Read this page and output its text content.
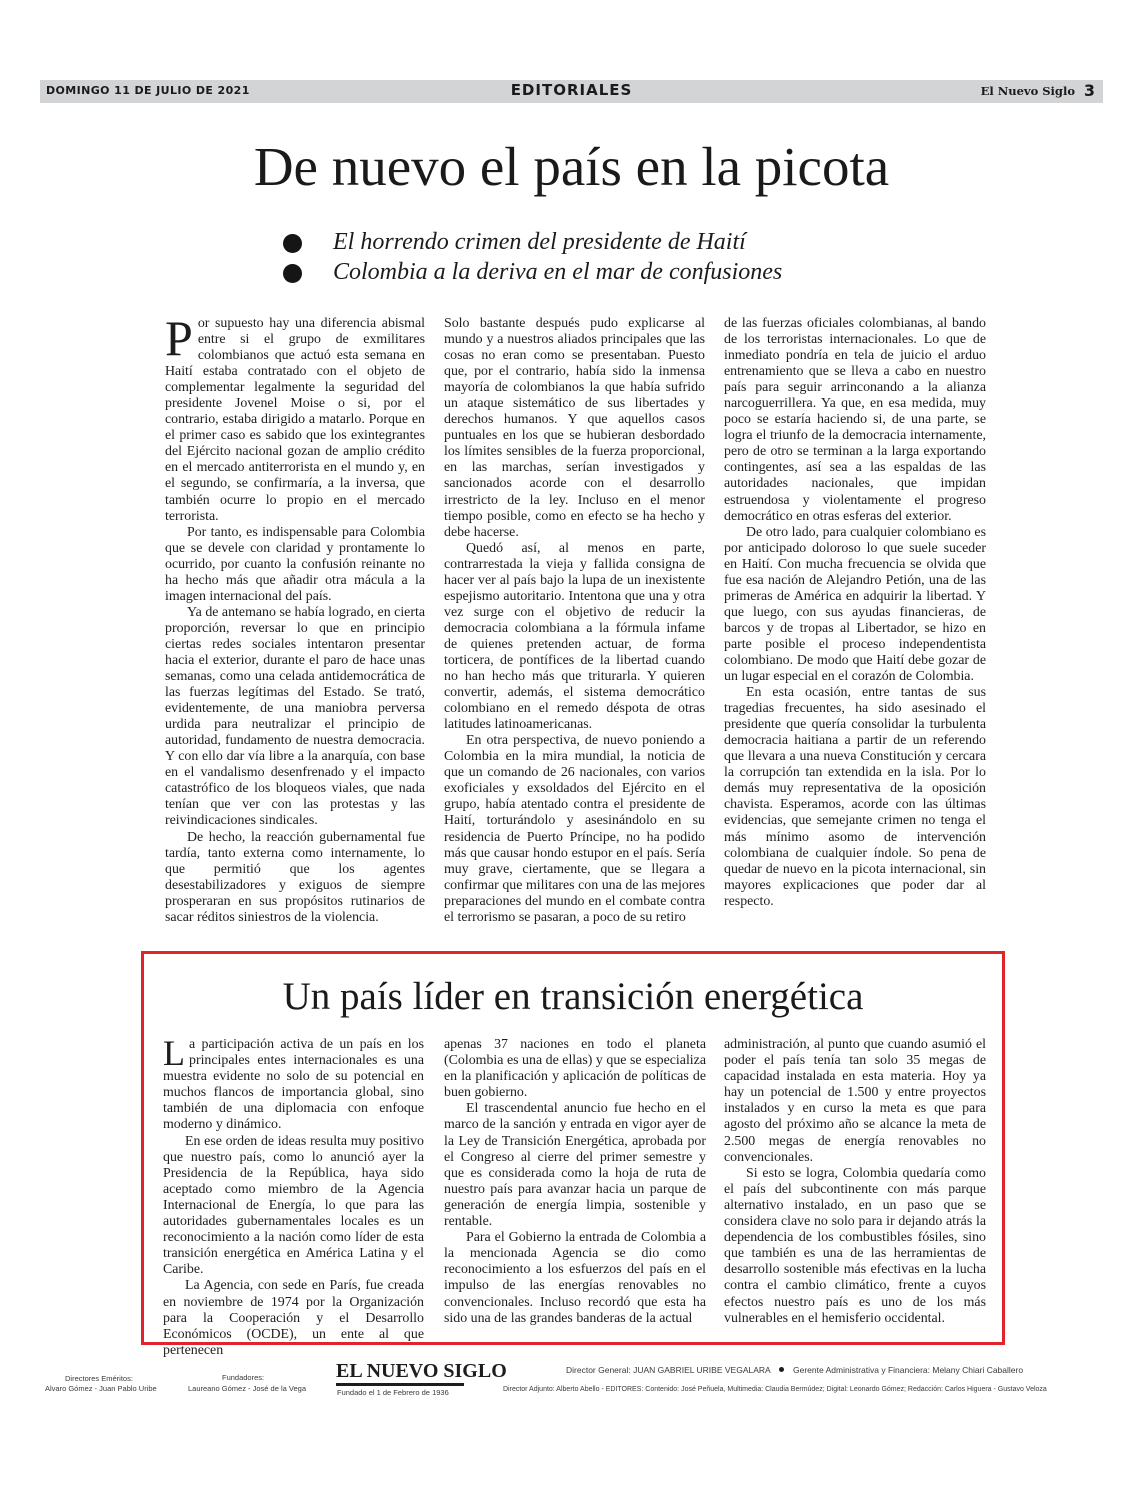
DOMINGO 11 DE JULIO DE 2021	EDITORIALES	El Nuevo Siglo 3
De nuevo el país en la picota
El horrendo crimen del presidente de Haití
Colombia a la deriva en el mar de confusiones
P or supuesto hay una diferencia abismal entre si el grupo de exmilitares colombianos que actuó esta semana en Haití estaba contratado con el objeto de complementar legalmente la seguridad del presidente Jovenel Moise o si, por el contrario, estaba dirigido a matarlo. Porque en el primer caso es sabido que los exintegrantes del Ejército nacional gozan de amplio crédito en el mercado antiterrorista en el mundo y, en el segundo, se confirmaría, a la inversa, que también ocurre lo propio en el mercado terrorista.

Por tanto, es indispensable para Colombia que se devele con claridad y prontamente lo ocurrido, por cuanto la confusión reinante no ha hecho más que añadir otra mácula a la imagen internacional del país.

Ya de antemano se había logrado, en cierta proporción, reversar lo que en principio ciertas redes sociales intentaron presentar hacia el exterior, durante el paro de hace unas semanas, como una celada antidemocrática de las fuerzas legítimas del Estado. Se trató, evidentemente, de una maniobra perversa urdida para neutralizar el principio de autoridad, fundamento de nuestra democracia. Y con ello dar vía libre a la anarquía, con base en el vandalismo desenfrenado y el impacto catastrófico de los bloqueos viales, que nada tenían que ver con las protestas y las reivindicaciones sindicales.

De hecho, la reacción gubernamental fue tardía, tanto externa como internamente, lo que permitió que los agentes desestabilizadores y exiguos de siempre prosperaran en sus propósitos rutinarios de sacar réditos siniestros de la violencia.

Solo bastante después pudo explicarse al mundo y a nuestros aliados principales que las cosas no eran como se presentaban. Puesto que, por el contrario, había sido la inmensa mayoría de colombianos la que había sufrido un ataque sistemático de sus libertades y derechos humanos. Y que aquellos casos puntuales en los que se hubieran desbordado los límites sensibles de la fuerza proporcional, en las marchas, serían investigados y sancionados acorde con el desarrollo irrestricto de la ley. Incluso en el menor tiempo posible, como en efecto se ha hecho y debe hacerse.

Quedó así, al menos en parte, contrarrestada la vieja y fallida consigna de hacer ver al país bajo la lupa de un inexistente espejismo autoritario. Intentona que una y otra vez surge con el objetivo de reducir la democracia colombiana a la fórmula infame de quienes pretenden actuar, de forma torticera, de pontífices de la libertad cuando no han hecho más que triturarla. Y quieren convertir, además, el sistema democrático colombiano en el remedo déspota de otras latitudes latinoamericanas.

En otra perspectiva, de nuevo poniendo a Colombia en la mira mundial, la noticia de que un comando de 26 nacionales, con varios exoficiales y exsoldados del Ejército en el grupo, había atentado contra el presidente de Haití, torturándolo y asesinándolo en su residencia de Puerto Príncipe, no ha podido más que causar hondo estupor en el país. Sería muy grave, ciertamente, que se llegara a confirmar que militares con una de las mejores preparaciones del mundo en el combate contra el terrorismo se pasaran, a poco de su retiro

de las fuerzas oficiales colombianas, al bando de los terroristas internacionales. Lo que de inmediato pondría en tela de juicio el arduo entrenamiento que se lleva a cabo en nuestro país para seguir arrinconando a la alianza narcoguerrillera. Ya que, en esa medida, muy poco se estaría haciendo si, de una parte, se logra el triunfo de la democracia internamente, pero de otro se terminan a la larga exportando contingentes, así sea a las espaldas de las autoridades nacionales, que impidan estruendosa y violentamente el progreso democrático en otras esferas del exterior.

De otro lado, para cualquier colombiano es por anticipado doloroso lo que suele suceder en Haití. Con mucha frecuencia se olvida que fue esa nación de Alejandro Petión, una de las primeras de América en adquirir la libertad. Y que luego, con sus ayudas financieras, de barcos y de tropas al Libertador, se hizo en parte posible el proceso independentista colombiano. De modo que Haití debe gozar de un lugar especial en el corazón de Colombia.

En esta ocasión, entre tantas de sus tragedias frecuentes, ha sido asesinado el presidente que quería consolidar la turbulenta democracia haitiana a partir de un referendo que llevara a una nueva Constitución y cercara la corrupción tan extendida en la isla. Por lo demás muy representativa de la oposición chavista. Esperamos, acorde con las últimas evidencias, que semejante crimen no tenga el más mínimo asomo de intervención colombiana de cualquier índole. So pena de quedar de nuevo en la picota internacional, sin mayores explicaciones que poder dar al respecto.

Un país líder en transición energética
L a participación activa de un país en los principales entes internacionales es una muestra evidente no solo de su potencial en muchos flancos de importancia global, sino también de una diplomacia con enfoque moderno y dinámico.

En ese orden de ideas resulta muy positivo que nuestro país, como lo anunció ayer la Presidencia de la República, haya sido aceptado como miembro de la Agencia Internacional de Energía, lo que para las autoridades gubernamentales locales es un reconocimiento a la nación como líder de esta transición energética en América Latina y el Caribe.

La Agencia, con sede en París, fue creada en noviembre de 1974 por la Organización para la Cooperación y el Desarrollo Económicos (OCDE), un ente al que pertenecen

apenas 37 naciones en todo el planeta (Colombia es una de ellas) y que se especializa en la planificación y aplicación de políticas de buen gobierno.

El trascendental anuncio fue hecho en el marco de la sanción y entrada en vigor ayer de la Ley de Transición Energética, aprobada por el Congreso al cierre del primer semestre y que es considerada como la hoja de ruta de nuestro país para avanzar hacia un parque de generación de energía limpia, sostenible y rentable.

Para el Gobierno la entrada de Colombia a la mencionada Agencia se dio como reconocimiento a los esfuerzos del país en el impulso de las energías renovables no convencionales. Incluso recordó que esta ha sido una de las grandes banderas de la actual

administración, al punto que cuando asumió el poder el país tenía tan solo 35 megas de capacidad instalada en esta materia. Hoy ya hay un potencial de 1.500 y entre proyectos instalados y en curso la meta es que para agosto del próximo año se alcance la meta de 2.500 megas de energía renovables no convencionales.

Si esto se logra, Colombia quedaría como el país del subcontinente con más parque alternativo instalado, en un paso que se considera clave no solo para ir dejando atrás la dependencia de los combustibles fósiles, sino que también es una de las herramientas de desarrollo sostenible más efectivas en la lucha contra el cambio climático, frente a cuyos efectos nuestro país es uno de los más vulnerables en el hemisferio occidental.

Directores Eméritos:
Alvaro Gómez - Juan Pablo Uribe
Fundadores:
Laureano Gómez - José de la Vega
EL NUEVO SIGLO
Fundado el 1 de Febrero de 1936
Director General: JUAN GABRIEL URIBE VEGALARA	Gerente Administrativa y Financiera: Melany Chiari Caballero
Director Adjunto: Alberto Abello - EDITORES: Contenido: José Peñuela, Multimedia: Claudia Bermúdez; Digital: Leonardo Gómez; Redacción: Carlos Higuera - Gustavo Veloza
